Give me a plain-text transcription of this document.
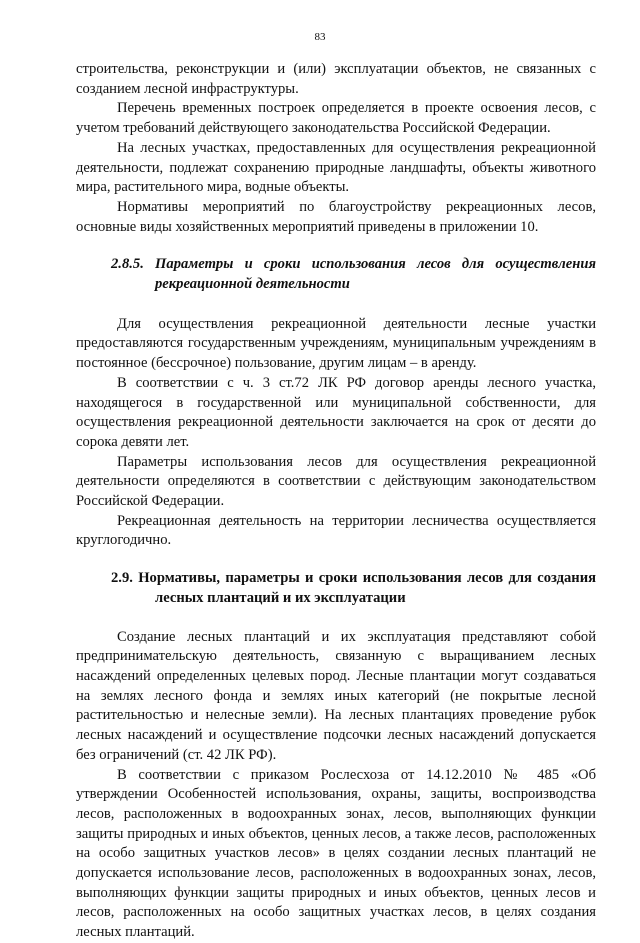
83

строительства, реконструкции и (или) эксплуатации объектов, не связанных с созданием лесной инфраструктуры.

Перечень временных построек определяется в проекте освоения лесов, с учетом требований действующего законодательства Российской Федерации.

На лесных участках, предоставленных для осуществления рекреационной деятельности, подлежат сохранению природные ландшафты, объекты животного мира, растительного мира, водные объекты.

Нормативы мероприятий по благоустройству рекреационных лесов, основные виды хозяйственных мероприятий приведены в приложении 10.

2.8.5. Параметры и сроки использования лесов для осуществления рекреационной деятельности

Для осуществления рекреационной деятельности лесные участки предоставляются государственным учреждениям, муниципальным учреждениям в постоянное (бессрочное) пользование, другим лицам – в аренду.

В соответствии с ч. 3 ст.72 ЛК РФ договор аренды лесного участка, находящегося в государственной или муниципальной собственности, для осуществления рекреационной деятельности заключается на срок от десяти до сорока девяти лет.

Параметры использования лесов для осуществления рекреационной деятельности определяются в соответствии с действующим законодательством Российской Федерации.

Рекреационная деятельность на территории лесничества осуществляется круглогодично.

2.9. Нормативы, параметры и сроки использования лесов для создания лесных плантаций и их эксплуатации

Создание лесных плантаций и их эксплуатация представляют собой предпринимательскую деятельность, связанную с выращиванием лесных насаждений определенных целевых пород. Лесные плантации могут создаваться на землях лесного фонда и землях иных категорий (не покрытые лесной растительностью и нелесные земли). На лесных плантациях проведение рубок лесных насаждений и осуществление подсочки лесных насаждений допускается без ограничений (ст. 42 ЛК РФ).

В соответствии с приказом Рослесхоза от 14.12.2010 № 485 «Об утверждении Особенностей использования, охраны, защиты, воспроизводства лесов, расположенных в водоохранных зонах, лесов, выполняющих функции защиты природных и иных объектов, ценных лесов, а также лесов, расположенных на особо защитных участков лесов» в целях создании лесных плантаций не допускается использование лесов, расположенных в водоохранных зонах, лесов, выполняющих функции защиты природных и иных объектов, ценных лесов и лесов, расположенных на особо защитных участках лесов, в целях создания лесных плантаций.
